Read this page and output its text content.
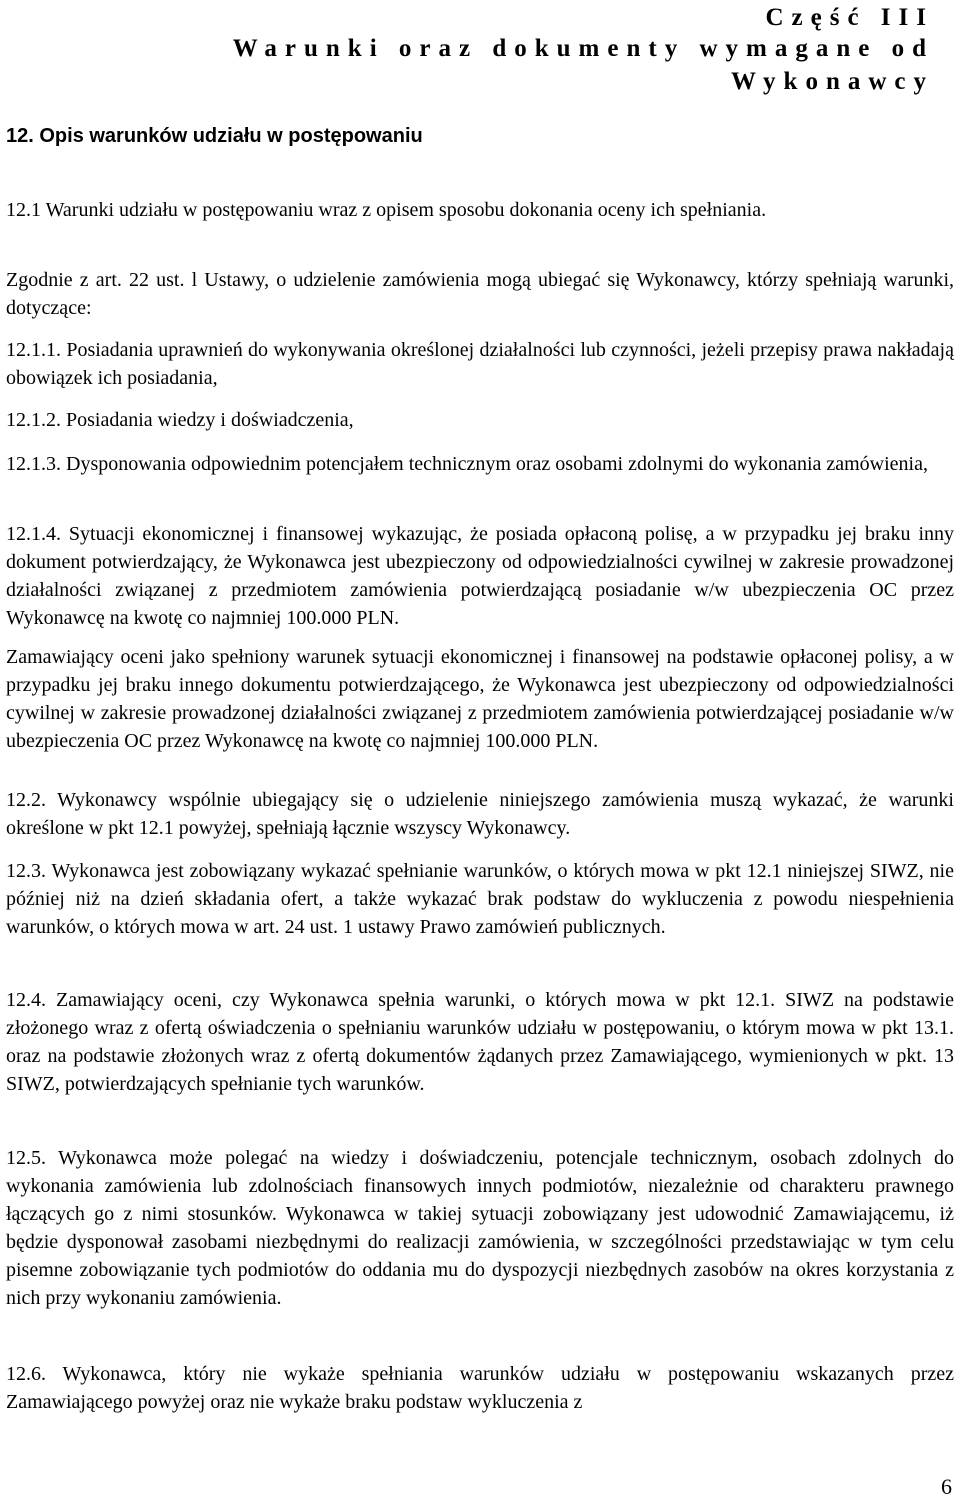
Część III
Warunki oraz dokumenty wymagane od
Wykonawcy
12. Opis warunków udziału w postępowaniu
12.1 Warunki udziału w postępowaniu wraz z opisem sposobu dokonania oceny ich spełniania.
Zgodnie z art. 22 ust. l Ustawy, o udzielenie zamówienia mogą ubiegać się Wykonawcy, którzy spełniają warunki, dotyczące:
12.1.1. Posiadania uprawnień do wykonywania określonej działalności lub czynności, jeżeli przepisy prawa nakładają obowiązek ich posiadania,
12.1.2. Posiadania wiedzy i doświadczenia,
12.1.3. Dysponowania odpowiednim potencjałem technicznym oraz osobami zdolnymi do wykonania zamówienia,
12.1.4. Sytuacji ekonomicznej i finansowej wykazując, że posiada opłaconą polisę, a w przypadku jej braku inny dokument potwierdzający, że Wykonawca jest ubezpieczony od odpowiedzialności cywilnej w zakresie prowadzonej działalności związanej z przedmiotem zamówienia potwierdzającą posiadanie w/w ubezpieczenia OC przez Wykonawcę na kwotę co najmniej 100.000 PLN.
Zamawiający oceni jako spełniony warunek sytuacji ekonomicznej i finansowej na podstawie opłaconej polisy, a w przypadku jej braku innego dokumentu potwierdzającego, że Wykonawca jest ubezpieczony od odpowiedzialności cywilnej w zakresie prowadzonej działalności związanej z przedmiotem zamówienia potwierdzającej posiadanie w/w ubezpieczenia OC przez Wykonawcę na kwotę co najmniej 100.000 PLN.
12.2. Wykonawcy wspólnie ubiegający się o udzielenie niniejszego zamówienia muszą wykazać, że warunki określone w pkt 12.1 powyżej, spełniają łącznie wszyscy Wykonawcy.
12.3. Wykonawca jest zobowiązany wykazać spełnianie warunków, o których mowa w pkt 12.1 niniejszej SIWZ, nie później niż na dzień składania ofert, a także wykazać brak podstaw do wykluczenia z powodu niespełnienia warunków, o których mowa w art. 24 ust. 1 ustawy Prawo zamówień publicznych.
12.4. Zamawiający oceni, czy Wykonawca spełnia warunki, o których mowa w pkt 12.1. SIWZ na podstawie złożonego wraz z ofertą oświadczenia o spełnianiu warunków udziału w postępowaniu, o którym mowa w pkt 13.1. oraz na podstawie złożonych wraz z ofertą dokumentów żądanych przez Zamawiającego, wymienionych w pkt. 13 SIWZ, potwierdzających spełnianie tych warunków.
12.5. Wykonawca może polegać na wiedzy i doświadczeniu, potencjale technicznym, osobach zdolnych do wykonania zamówienia lub zdolnościach finansowych innych podmiotów, niezależnie od charakteru prawnego łączących go z nimi stosunków. Wykonawca w takiej sytuacji zobowiązany jest udowodnić Zamawiającemu, iż będzie dysponował zasobami niezbędnymi do realizacji zamówienia, w szczególności przedstawiając w tym celu pisemne zobowiązanie tych podmiotów do oddania mu do dyspozycji niezbędnych zasobów na okres korzystania z nich przy wykonaniu zamówienia.
12.6. Wykonawca, który nie wykaże spełniania warunków udziału w postępowaniu wskazanych przez Zamawiającego powyżej oraz nie wykaże braku podstaw wykluczenia z
6
